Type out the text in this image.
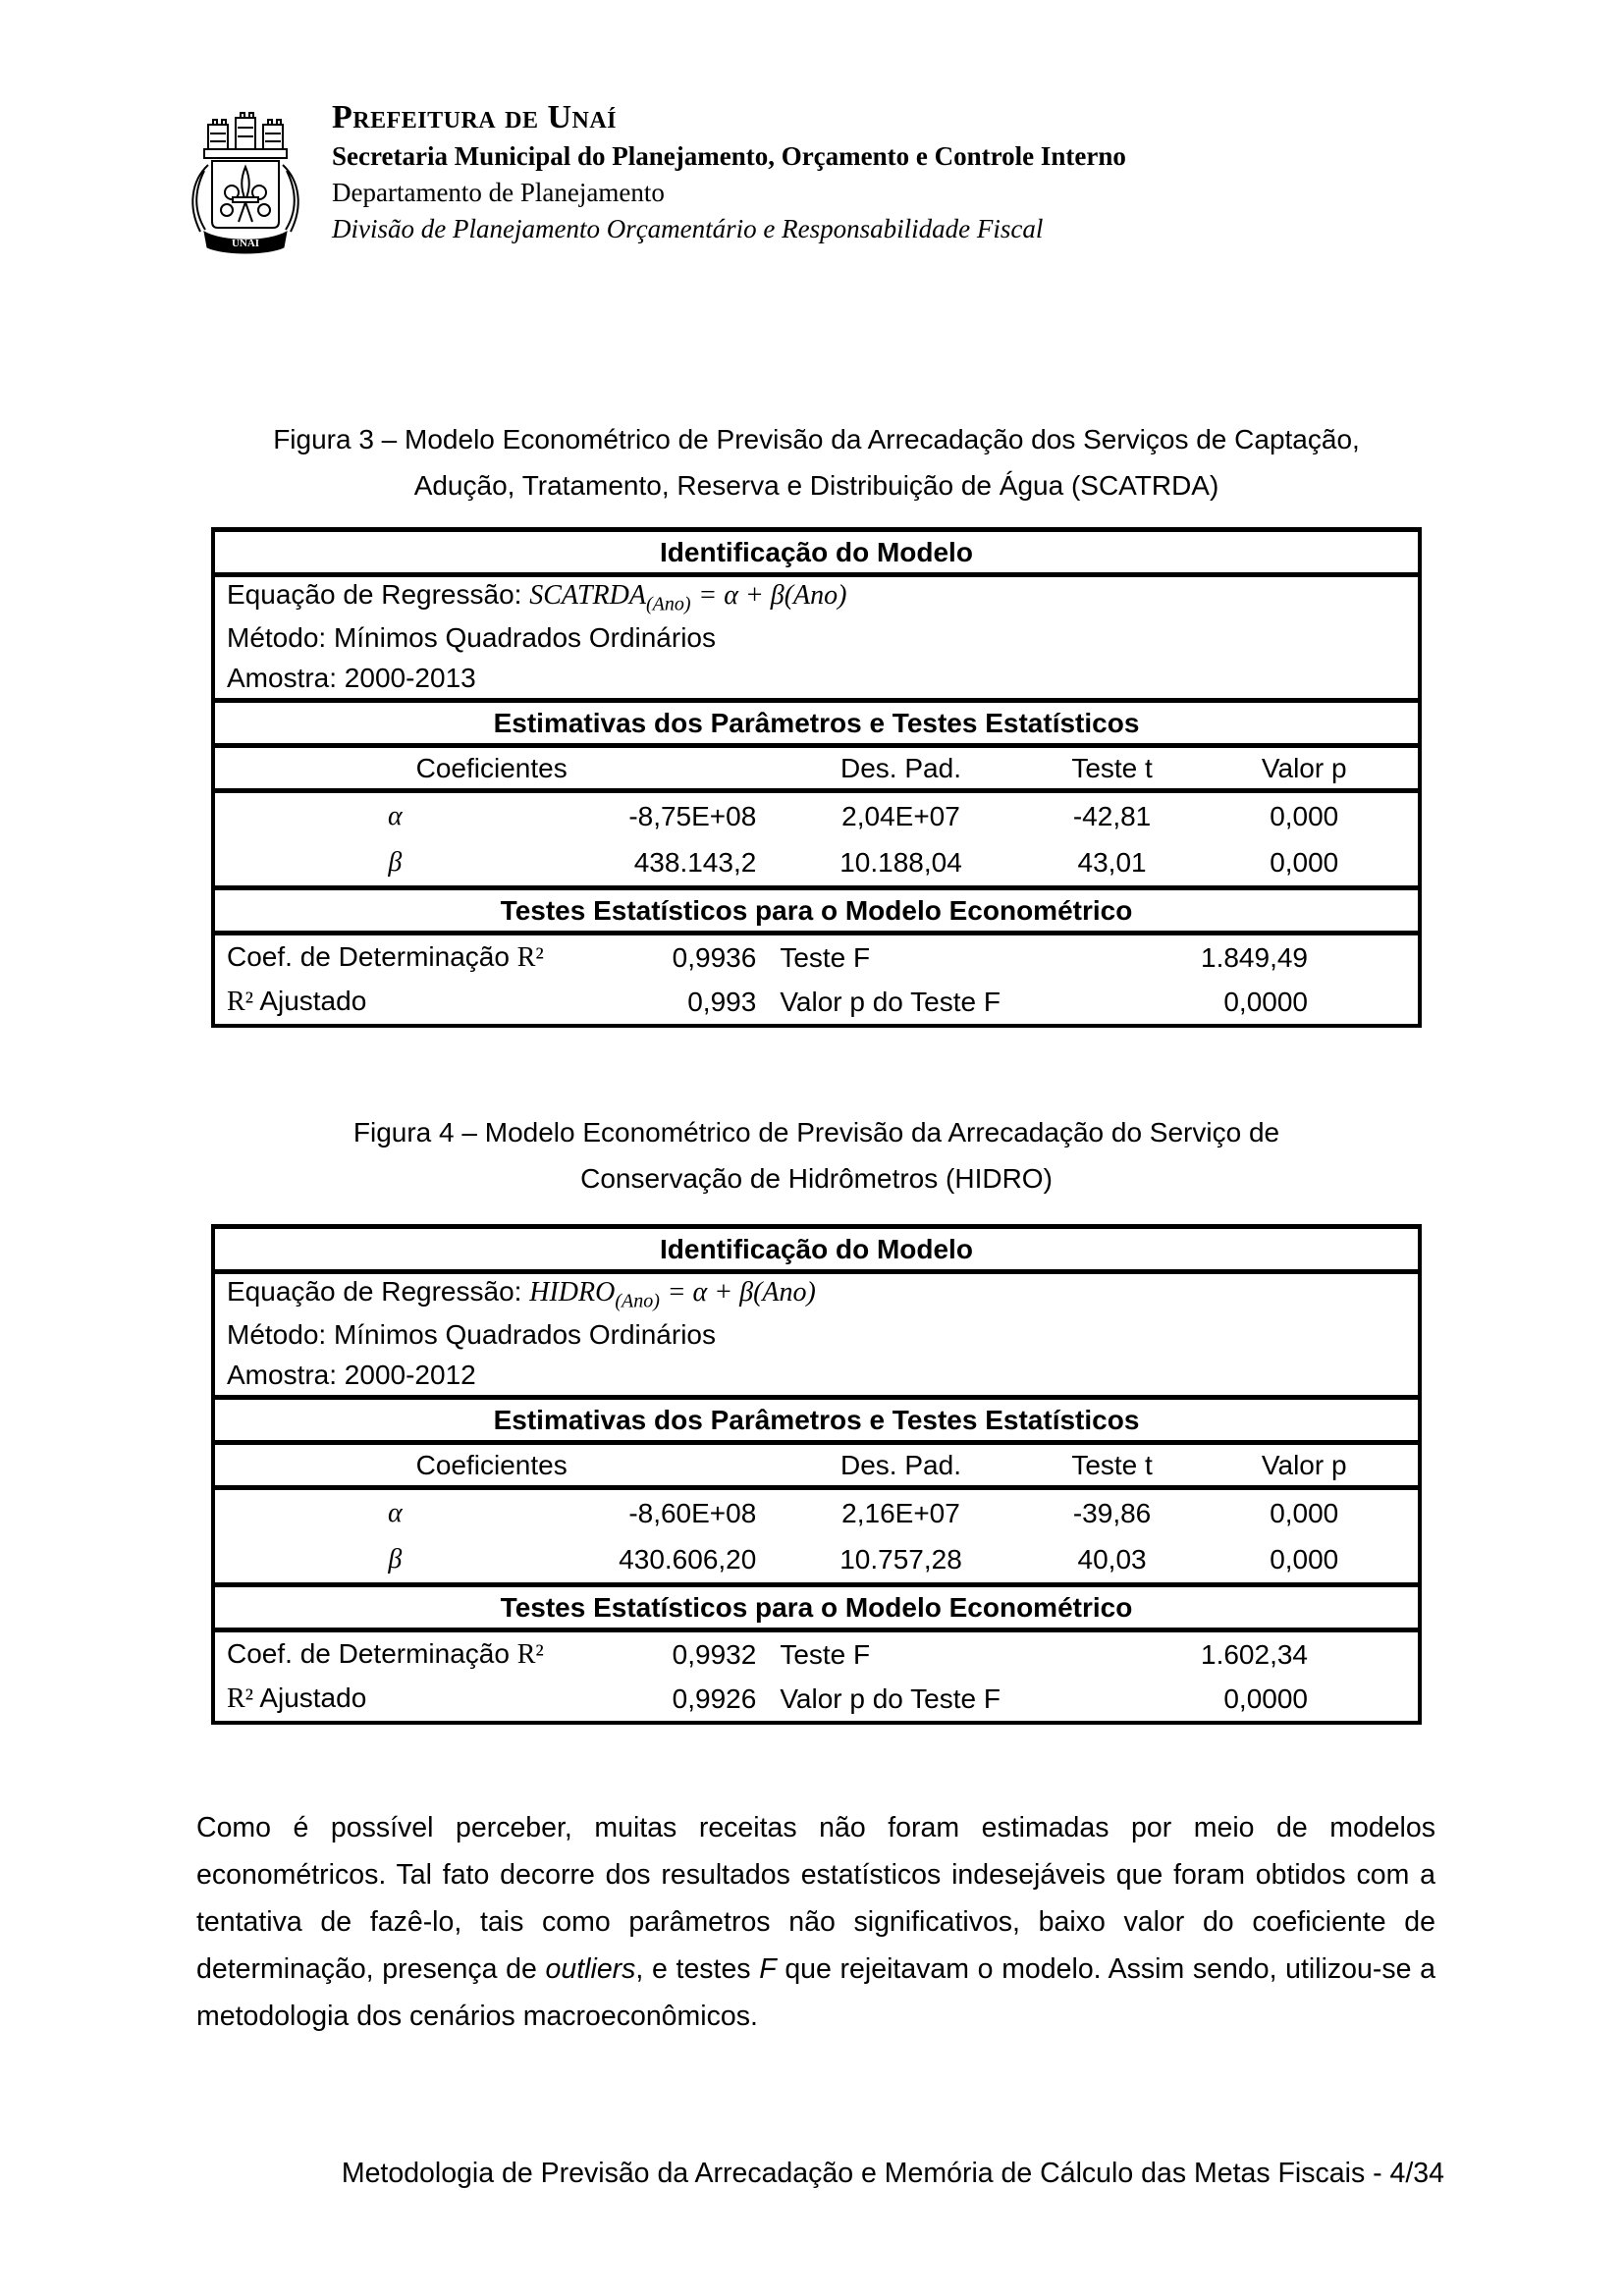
UNAÍ
Prefeitura de Unaí
Secretaria Municipal do Planejamento, Orçamento e Controle Interno
Departamento de Planejamento
Divisão de Planejamento Orçamentário e Responsabilidade Fiscal
Figura 3 – Modelo Econométrico de Previsão da Arrecadação dos Serviços de Captação,
Adução, Tratamento, Reserva e Distribuição de Água (SCATRDA)
Identificação do Modelo				
Equação de Regressão: $SCATRDA_{(Ano)} = \alpha + \beta(Ano)$				
Método: Mínimos Quadrados Ordinários				
Amostra: 2000-2013				
Estimativas dos Parâmetros e Testes Estatísticos				
Coeficientes		Des. Pad.	Teste t	Valor p
α	-8,75E+08	2,04E+07	-42,81	0,000
β	438.143,2	10.188,04	43,01	0,000
Testes Estatísticos para o Modelo Econométrico				

Coef. de Determinação R² 0,9936		Teste F 1.849,49		

R² Ajustado 0,993		Valor p do Teste F 0,0000		
Figura 4 – Modelo Econométrico de Previsão da Arrecadação do Serviço de
Conservação de Hidrômetros (HIDRO)
Identificação do Modelo				
Equação de Regressão: $HIDRO_{(Ano)} = \alpha + \beta(Ano)$				
Método: Mínimos Quadrados Ordinários				
Amostra: 2000-2012				
Estimativas dos Parâmetros e Testes Estatísticos				
Coeficientes		Des. Pad.	Teste t	Valor p
α	-8,60E+08	2,16E+07	-39,86	0,000
β	430.606,20	10.757,28	40,03	0,000
Testes Estatísticos para o Modelo Econométrico				

Coef. de Determinação R² 0,9932		Teste F 1.602,34		

R² Ajustado 0,9926		Valor p do Teste F 0,0000		
Como é possível perceber, muitas receitas não foram estimadas por meio de modelos econométricos. Tal fato decorre dos resultados estatísticos indesejáveis que foram obtidos com a tentativa de fazê-lo, tais como parâmetros não significativos, baixo valor do coeficiente de determinação, presença de outliers, e testes F que rejeitavam o modelo. Assim sendo, utilizou-se a metodologia dos cenários macroeconômicos.
Metodologia de Previsão da Arrecadação e Memória de Cálculo das Metas Fiscais - 4/34
